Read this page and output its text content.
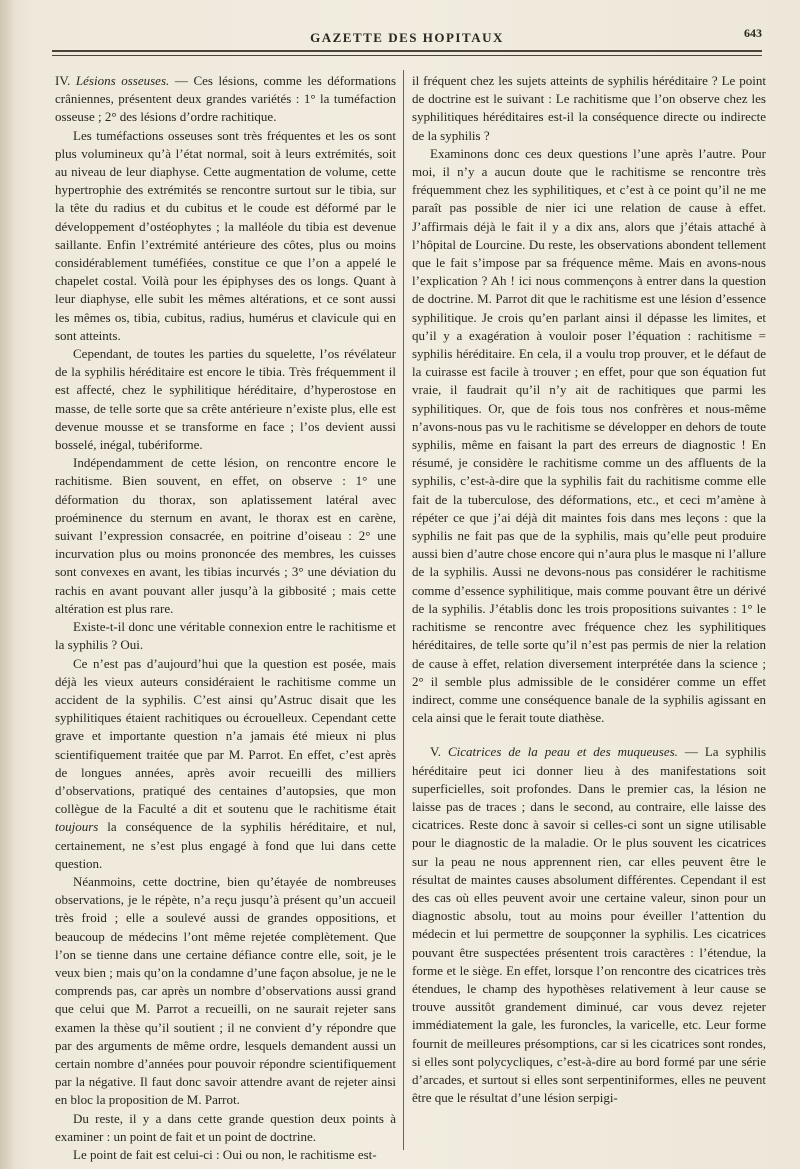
GAZETTE DES HOPITAUX	643

IV. Lésions osseuses. — Ces lésions, comme les déformations crâniennes, présentent deux grandes variétés : 1° la tuméfaction osseuse ; 2° des lésions d’ordre rachitique.

Les tuméfactions osseuses sont très fréquentes et les os sont plus volumineux qu’à l’état normal, soit à leurs extrémités, soit au niveau de leur diaphyse. Cette augmentation de volume, cette hypertrophie des extrémités se rencontre surtout sur le tibia, sur la tête du radius et du cubitus et le coude est déformé par le développement d’ostéophytes ; la malléole du tibia est devenue saillante. Enfin l’extrémité antérieure des côtes, plus ou moins considérablement tuméfiées, constitue ce que l’on a appelé le chapelet costal. Voilà pour les épiphyses des os longs. Quant à leur diaphyse, elle subit les mêmes altérations, et ce sont aussi les mêmes os, tibia, cubitus, radius, humérus et clavicule qui en sont atteints.

Cependant, de toutes les parties du squelette, l’os révélateur de la syphilis héréditaire est encore le tibia. Très fréquemment il est affecté, chez le syphilitique héréditaire, d’hyperostose en masse, de telle sorte que sa crête antérieure n’existe plus, elle est devenue mousse et se transforme en face ; l’os devient aussi bosselé, inégal, tubériforme.

Indépendamment de cette lésion, on rencontre encore le rachitisme. Bien souvent, en effet, on observe : 1° une déformation du thorax, son aplatissement latéral avec proéminence du sternum en avant, le thorax est en carène, suivant l’expression consacrée, en poitrine d’oiseau : 2° une incurvation plus ou moins prononcée des membres, les cuisses sont convexes en avant, les tibias incurvés ; 3° une déviation du rachis en avant pouvant aller jusqu’à la gibbosité ; mais cette altération est plus rare.

Existe-t-il donc une véritable connexion entre le rachitisme et la syphilis ? Oui.

Ce n’est pas d’aujourd’hui que la question est posée, mais déjà les vieux auteurs considéraient le rachitisme comme un accident de la syphilis. C’est ainsi qu’Astruc disait que les syphilitiques étaient rachitiques ou écrouelleux. Cependant cette grave et importante question n’a jamais été mieux ni plus scientifiquement traitée que par M. Parrot. En effet, c’est après de longues années, après avoir recueilli des milliers d’observations, pratiqué des centaines d’autopsies, que mon collègue de la Faculté a dit et soutenu que le rachitisme était toujours la conséquence de la syphilis héréditaire, et nul, certainement, ne s’est plus engagé à fond que lui dans cette question.

Néanmoins, cette doctrine, bien qu’étayée de nombreuses observations, je le répète, n’a reçu jusqu’à présent qu’un accueil très froid ; elle a soulevé aussi de grandes oppositions, et beaucoup de médecins l’ont même rejetée complètement. Que l’on se tienne dans une certaine défiance contre elle, soit, je le veux bien ; mais qu’on la condamne d’une façon absolue, je ne le comprends pas, car après un nombre d’observations aussi grand que celui que M. Parrot a recueilli, on ne saurait rejeter sans examen la thèse qu’il soutient ; il ne convient d’y répondre que par des arguments de même ordre, lesquels demandent aussi un certain nombre d’années pour pouvoir répondre scientifiquement par la négative. Il faut donc savoir attendre avant de rejeter ainsi en bloc la proposition de M. Parrot.

Du reste, il y a dans cette grande question deux points à examiner : un point de fait et un point de doctrine.

Le point de fait est celui-ci : Oui ou non, le rachitisme est-

il fréquent chez les sujets atteints de syphilis héréditaire ? Le point de doctrine est le suivant : Le rachitisme que l’on observe chez les syphilitiques héréditaires est-il la conséquence directe ou indirecte de la syphilis ?

Examinons donc ces deux questions l’une après l’autre. Pour moi, il n’y a aucun doute que le rachitisme se rencontre très fréquemment chez les syphilitiques, et c’est à ce point qu’il ne me paraît pas possible de nier ici une relation de cause à effet. J’affirmais déjà le fait il y a dix ans, alors que j’étais attaché à l’hôpital de Lourcine. Du reste, les observations abondent tellement que le fait s’impose par sa fréquence même. Mais en avons-nous l’explication ? Ah ! ici nous commençons à entrer dans la question de doctrine. M. Parrot dit que le rachitisme est une lésion d’essence syphilitique. Je crois qu’en parlant ainsi il dépasse les limites, et qu’il y a exagération à vouloir poser l’équation : rachitisme = syphilis héréditaire. En cela, il a voulu trop prouver, et le défaut de la cuirasse est facile à trouver ; en effet, pour que son équation fut vraie, il faudrait qu’il n’y ait de rachitiques que parmi les syphilitiques. Or, que de fois tous nos confrères et nous-même n’avons-nous pas vu le rachitisme se développer en dehors de toute syphilis, même en faisant la part des erreurs de diagnostic ! En résumé, je considère le rachitisme comme un des affluents de la syphilis, c’est-à-dire que la syphilis fait du rachitisme comme elle fait de la tuberculose, des déformations, etc., et ceci m’amène à répéter ce que j’ai déjà dit maintes fois dans mes leçons : que la syphilis ne fait pas que de la syphilis, mais qu’elle peut produire aussi bien d’autre chose encore qui n’aura plus le masque ni l’allure de la syphilis. Aussi ne devons-nous pas considérer le rachitisme comme d’essence syphilitique, mais comme pouvant être un dérivé de la syphilis. J’établis donc les trois propositions suivantes : 1° le rachitisme se rencontre avec fréquence chez les syphilitiques héréditaires, de telle sorte qu’il n’est pas permis de nier la relation de cause à effet, relation diversement interprétée dans la science ; 2° il semble plus admissible de le considérer comme un effet indirect, comme une conséquence banale de la syphilis agissant en cela ainsi que le ferait toute diathèse.

V. Cicatrices de la peau et des muqueuses. — La syphilis héréditaire peut ici donner lieu à des manifestations soit superficielles, soit profondes. Dans le premier cas, la lésion ne laisse pas de traces ; dans le second, au contraire, elle laisse des cicatrices. Reste donc à savoir si celles-ci sont un signe utilisable pour le diagnostic de la maladie. Or le plus souvent les cicatrices sur la peau ne nous apprennent rien, car elles peuvent être le résultat de maintes causes absolument différentes. Cependant il est des cas où elles peuvent avoir une certaine valeur, sinon pour un diagnostic absolu, tout au moins pour éveiller l’attention du médecin et lui permettre de soupçonner la syphilis. Les cicatrices pouvant être suspectées présentent trois caractères : l’étendue, la forme et le siège. En effet, lorsque l’on rencontre des cicatrices très étendues, le champ des hypothèses relativement à leur cause se trouve aussitôt grandement diminué, car vous devez rejeter immédiatement la gale, les furoncles, la varicelle, etc. Leur forme fournit de meilleures présomptions, car si les cicatrices sont rondes, si elles sont polycycliques, c’est-à-dire au bord formé par une série d’arcades, et surtout si elles sont serpentiniformes, elles ne peuvent être que le résultat d’une lésion serpigi-
